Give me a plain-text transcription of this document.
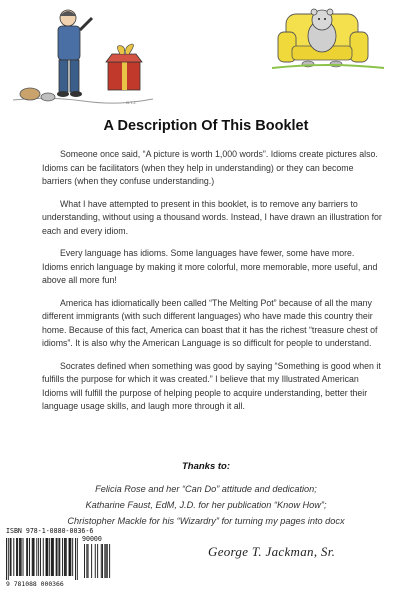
G.T.J.
A Description Of This Booklet

Someone once said, “A picture is worth 1,000 words”. Idioms create pictures also. Idioms can be facilitators (when they help in understanding) or they can become barriers (when they confuse understanding.)

What I have attempted to present in this booklet, is to remove any barriers to understanding, without using a thousand words. Instead, I have drawn an illustration for each and every idiom.

Every language has idioms. Some languages have fewer, some have more. Idioms enrich language by making it more colorful, more memorable, more useful, and above all more fun!

America has idiomatically been called “The Melting Pot” because of all the many different immigrants (with such different languages) who have made this country their home. Because of this fact, America can boast that it has the richest “treasure chest of idioms”. It is also why the American Language is so difficult for people to understand.

Socrates defined when something was good by saying “Something is good when it fulfills the purpose for which it was created.” I believe that my Illustrated American Idioms will fulfill the purpose of helping people to acquire understanding, better their language usage skills, and laugh more through it all.

Thanks to:
Felicia Rose and her “Can Do” attitude and dedication;
Katharine Faust, EdM, J.D. for her publication “Know How”;
Christopher Mackle for his “Wizardry” for turning my pages into docx
ISBN 978-1-0880-0036-6
90000
9 781088 000366
George T. Jackman, Sr.
